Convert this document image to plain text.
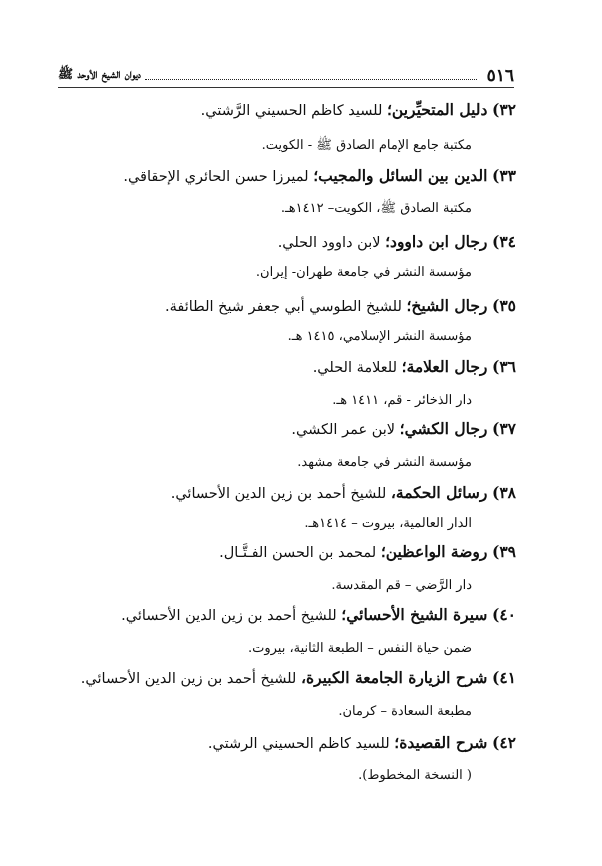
٥١٦
ديوان الشيخ الأوحد ﷺ
٣٢) دليل المتحيِّرين؛ للسيد كاظم الحسيني الرَّشتي.
مكتبة جامع الإمام الصادق ﷺ - الكويت.
٣٣) الدين بين السائل والمجيب؛ لميرزا حسن الحائري الإحقاقي.
مكتبة الصادق ﷺ، الكويت– ١٤١٢هـ.
٣٤) رجال ابن داوود؛ لابن داوود الحلي.
مؤسسة النشر في جامعة طهران- إيران.
٣٥) رجال الشيخ؛ للشيخ الطوسي أبي جعفر شيخ الطائفة.
مؤسسة النشر الإسلامي، ١٤١٥ هـ.
٣٦) رجال العلامة؛ للعلامة الحلي.
دار الذخائر - قم، ١٤١١ هـ.
٣٧) رجال الكشي؛ لابن عمر الكشي.
مؤسسة النشر في جامعة مشهد.
٣٨) رسائل الحكمة، للشيخ أحمد بن زين الدين الأحسائي.
الدار العالمية، بيروت – ١٤١٤هـ.
٣٩) روضة الواعظين؛ لمحمد بن الحسن الفـتَّـال.
دار الرَّضي – قم المقدسة.
٤٠) سيرة الشيخ الأحسائي؛ للشيخ أحمد بن زين الدين الأحسائي.
ضمن حياة النفس – الطبعة الثانية، بيروت.
٤١) شرح الزيارة الجامعة الكبيرة، للشيخ أحمد بن زين الدين الأحسائي.
مطبعة السعادة – كرمان.
٤٢) شرح القصيدة؛ للسيد كاظم الحسيني الرشتي.
( النسخة المخطوط).
